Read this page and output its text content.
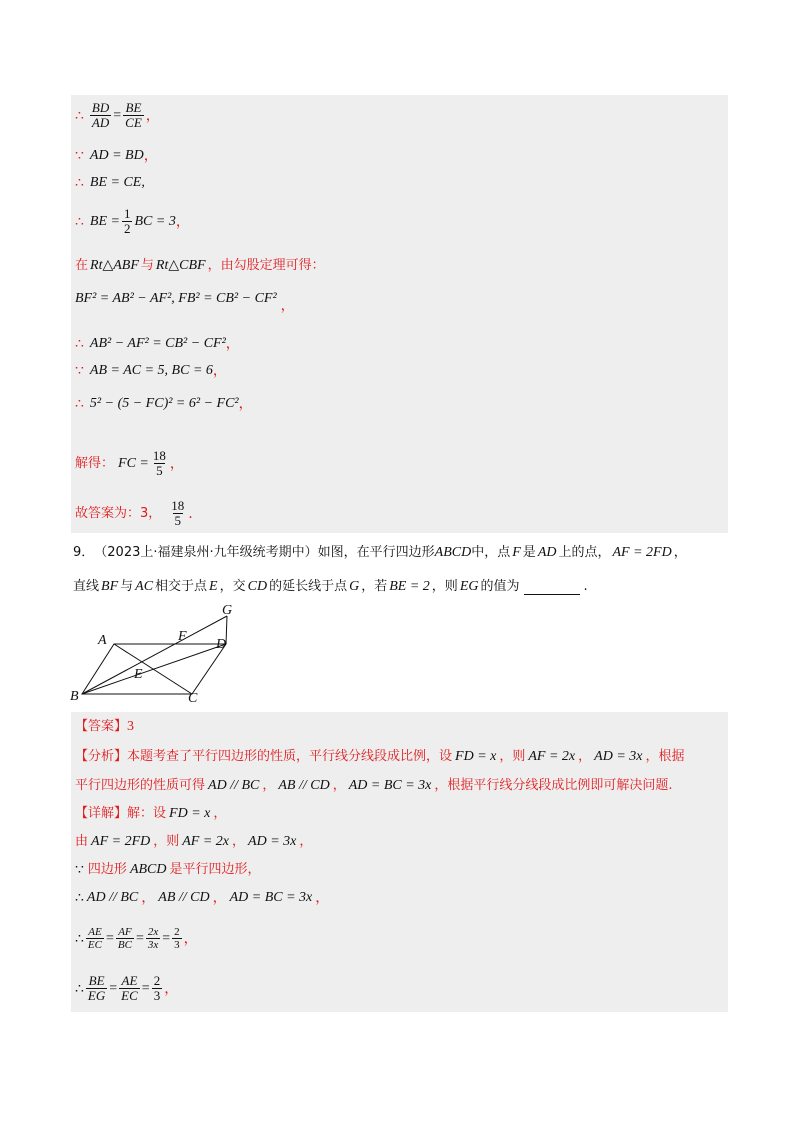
∴ $\frac{BD}{AD} = \frac{BE}{CE}$ ，
∵ AD = BD ，
∴ BE = CE,
∴ BE = $\frac{1}{2}$ BC = 3 ，
在 Rt△ABF 与 Rt△CBF ，由勾股定理可得：
BF² = AB² − AF², FB² = CB² − CF² ，
∴ AB² − AF² = CB² − CF² ，
∵ AB = AC = 5, BC = 6 ，
∴ 5² − (5 − FC)² = 6² − FC² ，
解得： FC = $\frac{18}{5}$ ，
故答案为：3， $\frac{18}{5}$ .
9． （2023上·福建泉州·九年级统考期中） 如图，在平行四边形 ABCD 中，点 F 是 AD 上的点， AF = 2FD ，
直线 BF 与 AC 相交于点 E ，交 CD 的延长线于点 G ，若 BE = 2 ，则 EG 的值为	.
A
B	C
D
E
F
G
【答案】 3
【分析】 本题考查了平行四边形的性质，平行线分线段成比例，设 FD = x ，则 AF = 2x ， AD = 3x ，根据
平行四边形的性质可得 AD // BC ， AB // CD ， AD = BC = 3x ，根据平行线分线段成比例即可解决问题.
【详解】 解：设 FD = x ，
由 AF = 2FD ，则 AF = 2x ， AD = 3x ，
∵ 四边形 ABCD 是平行四边形，
∴ AD // BC ， AB // CD ， AD = BC = 3x ，
∴ $\frac{AE}{EC} = \frac{AF}{BC} = \frac{2x}{3x} = \frac{2}{3}$ ，
∴ $\frac{BE}{EG} = \frac{AE}{EC} = \frac{2}{3}$ ，
